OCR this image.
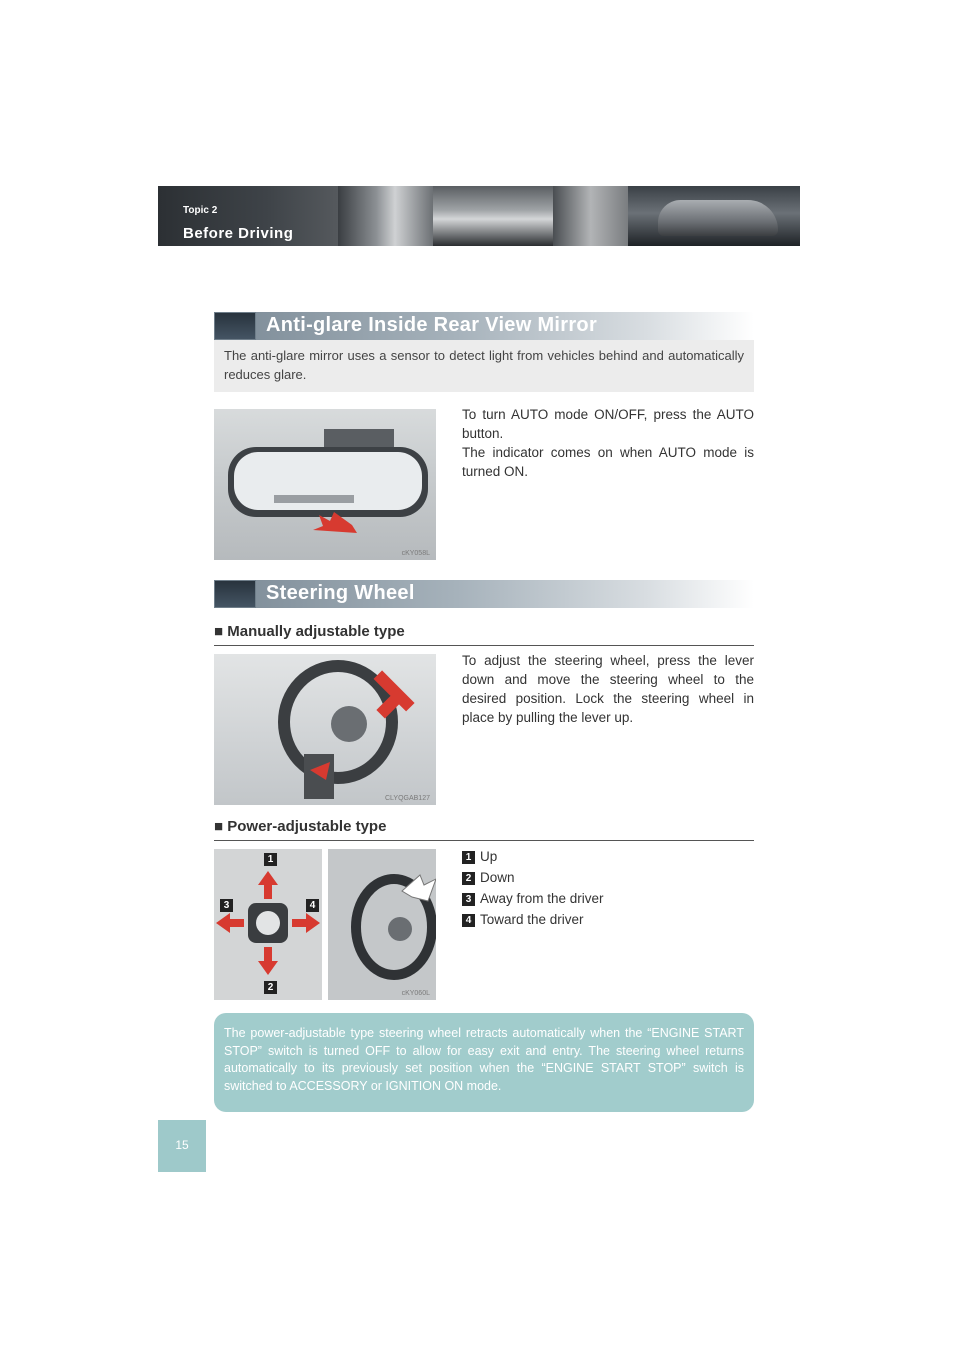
Topic 2
Before Driving
Anti-glare Inside Rear View Mirror
The anti-glare mirror uses a sensor to detect light from vehicles behind and automatically reduces glare.
cKY058L
To turn AUTO mode ON/OFF, press the AUTO button.
The indicator comes on when AUTO mode is turned ON.
Steering Wheel
■ Manually adjustable type
CLYQGAB127
To adjust the steering wheel, press the lever down and move the steering wheel to the desired position. Lock the steering wheel in place by pulling the lever up.
■ Power-adjustable type
1
2
3	4
cKY060L
1 Up
2 Down
3 Away from the driver
4 Toward the driver
The power-adjustable type steering wheel retracts automatically when the “ENGINE START STOP” switch is turned OFF to allow for easy exit and entry. The steering wheel returns automatically to its previously set position when the “ENGINE START STOP” switch is switched to ACCESSORY or IGNITION ON mode.
15
